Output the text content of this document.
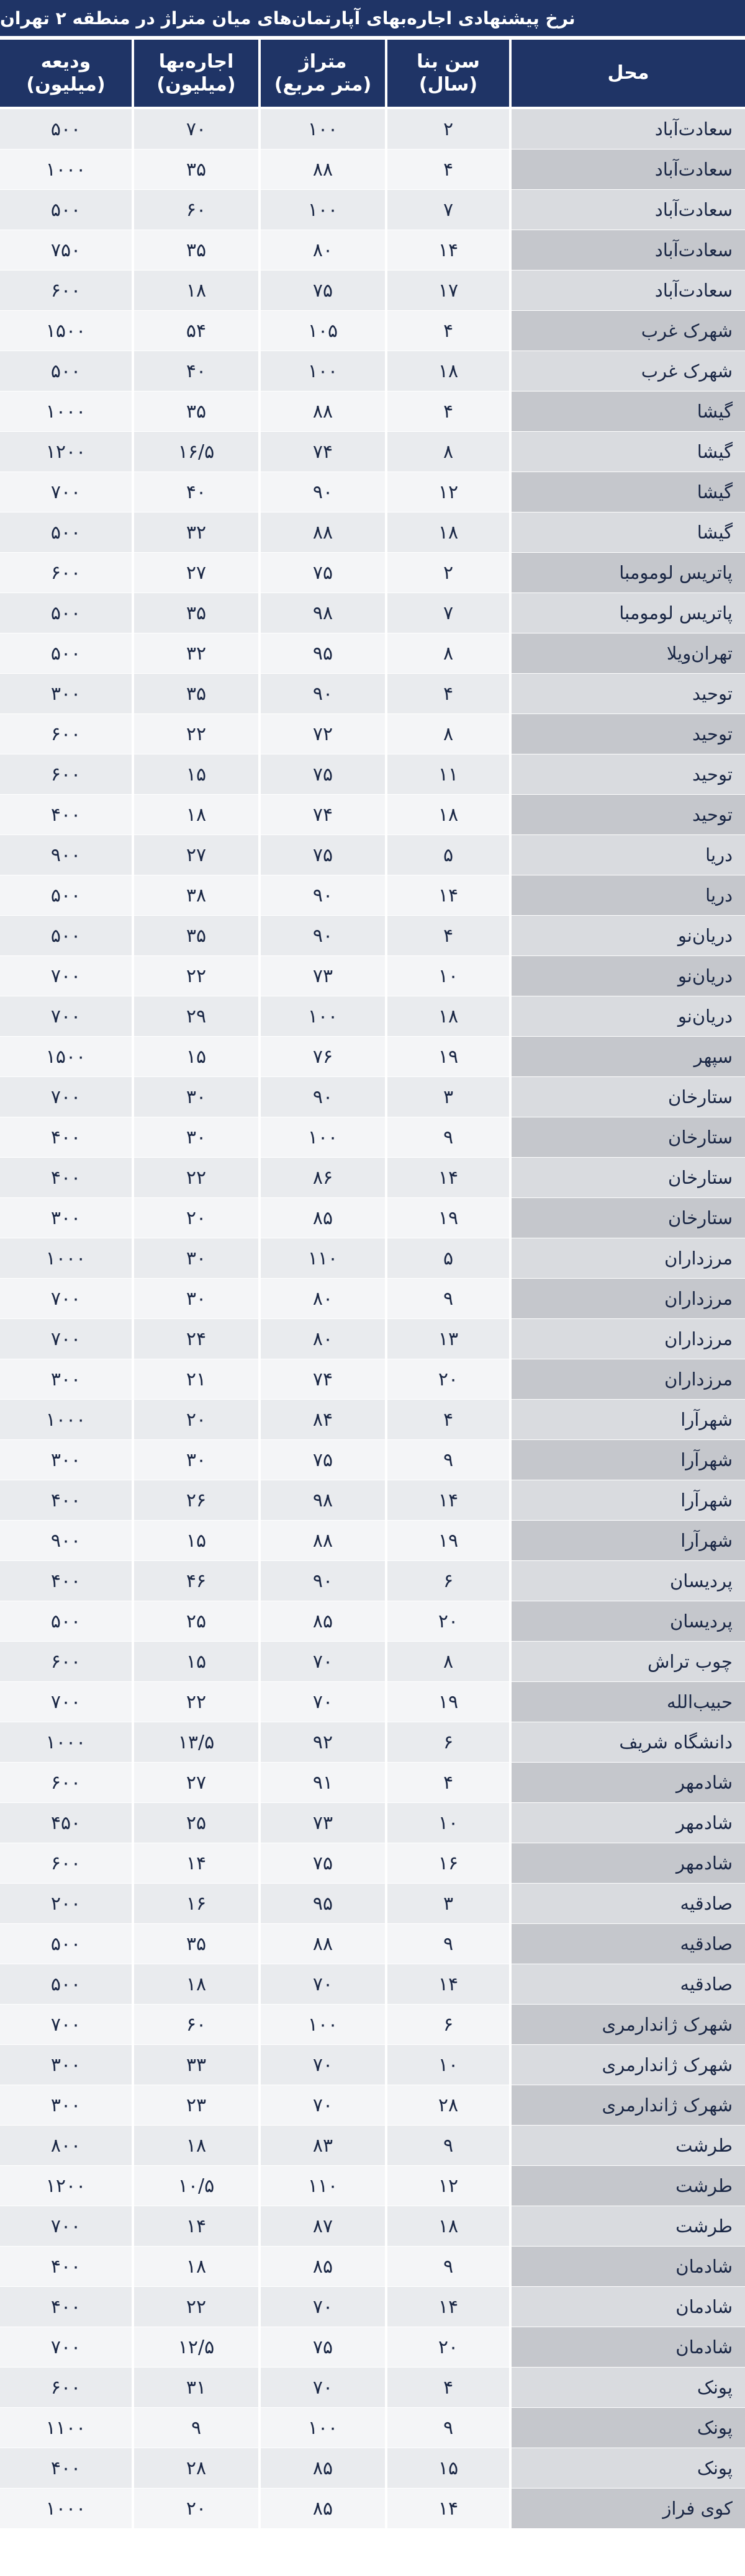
نرخ پیشنهادی اجاره‌بهای آپارتمان‌های میان متراژ در منطقه ۲ تهران
محل
سن بنا
(سال)
متراژ
(متر مربع)
اجاره‌بها
(میلیون)
ودیعه
(میلیون)
سعادت‌آباد
۲
۱۰۰
۷۰
۵۰۰
سعادت‌آباد
۴
۸۸
۳۵
۱۰۰۰
سعادت‌آباد
۷
۱۰۰
۶۰
۵۰۰
سعادت‌آباد
۱۴
۸۰
۳۵
۷۵۰
سعادت‌آباد
۱۷
۷۵
۱۸
۶۰۰
شهرک غرب
۴
۱۰۵
۵۴
۱۵۰۰
شهرک غرب
۱۸
۱۰۰
۴۰
۵۰۰
گیشا
۴
۸۸
۳۵
۱۰۰۰
گیشا
۸
۷۴
۱۶/۵
۱۲۰۰
گیشا
۱۲
۹۰
۴۰
۷۰۰
گیشا
۱۸
۸۸
۳۲
۵۰۰
پاتریس لومومبا
۲
۷۵
۲۷
۶۰۰
پاتریس لومومبا
۷
۹۸
۳۵
۵۰۰
تهران‌ویلا
۸
۹۵
۳۲
۵۰۰
توحید
۴
۹۰
۳۵
۳۰۰
توحید
۸
۷۲
۲۲
۶۰۰
توحید
۱۱
۷۵
۱۵
۶۰۰
توحید
۱۸
۷۴
۱۸
۴۰۰
دریا
۵
۷۵
۲۷
۹۰۰
دریا
۱۴
۹۰
۳۸
۵۰۰
دریان‌نو
۴
۹۰
۳۵
۵۰۰
دریان‌نو
۱۰
۷۳
۲۲
۷۰۰
دریان‌نو
۱۸
۱۰۰
۲۹
۷۰۰
سپهر
۱۹
۷۶
۱۵
۱۵۰۰
ستارخان
۳
۹۰
۳۰
۷۰۰
ستارخان
۹
۱۰۰
۳۰
۴۰۰
ستارخان
۱۴
۸۶
۲۲
۴۰۰
ستارخان
۱۹
۸۵
۲۰
۳۰۰
مرزداران
۵
۱۱۰
۳۰
۱۰۰۰
مرزداران
۹
۸۰
۳۰
۷۰۰
مرزداران
۱۳
۸۰
۲۴
۷۰۰
مرزداران
۲۰
۷۴
۲۱
۳۰۰
شهرآرا
۴
۸۴
۲۰
۱۰۰۰
شهرآرا
۹
۷۵
۳۰
۳۰۰
شهرآرا
۱۴
۹۸
۲۶
۴۰۰
شهرآرا
۱۹
۸۸
۱۵
۹۰۰
پردیسان
۶
۹۰
۴۶
۴۰۰
پردیسان
۲۰
۸۵
۲۵
۵۰۰
چوب تراش
۸
۷۰
۱۵
۶۰۰
حبیب‌الله
۱۹
۷۰
۲۲
۷۰۰
دانشگاه شریف
۶
۹۲
۱۳/۵
۱۰۰۰
شادمهر
۴
۹۱
۲۷
۶۰۰
شادمهر
۱۰
۷۳
۲۵
۴۵۰
شادمهر
۱۶
۷۵
۱۴
۶۰۰
صادقیه
۳
۹۵
۱۶
۲۰۰
صادقیه
۹
۸۸
۳۵
۵۰۰
صادقیه
۱۴
۷۰
۱۸
۵۰۰
شهرک ژاندارمری
۶
۱۰۰
۶۰
۷۰۰
شهرک ژاندارمری
۱۰
۷۰
۳۳
۳۰۰
شهرک ژاندارمری
۲۸
۷۰
۲۳
۳۰۰
طرشت
۹
۸۳
۱۸
۸۰۰
طرشت
۱۲
۱۱۰
۱۰/۵
۱۲۰۰
طرشت
۱۸
۸۷
۱۴
۷۰۰
شادمان
۹
۸۵
۱۸
۴۰۰
شادمان
۱۴
۷۰
۲۲
۴۰۰
شادمان
۲۰
۷۵
۱۲/۵
۷۰۰
پونک
۴
۷۰
۳۱
۶۰۰
پونک
۹
۱۰۰
۹
۱۱۰۰
پونک
۱۵
۸۵
۲۸
۴۰۰
کوی فراز
۱۴
۸۵
۲۰
۱۰۰۰
